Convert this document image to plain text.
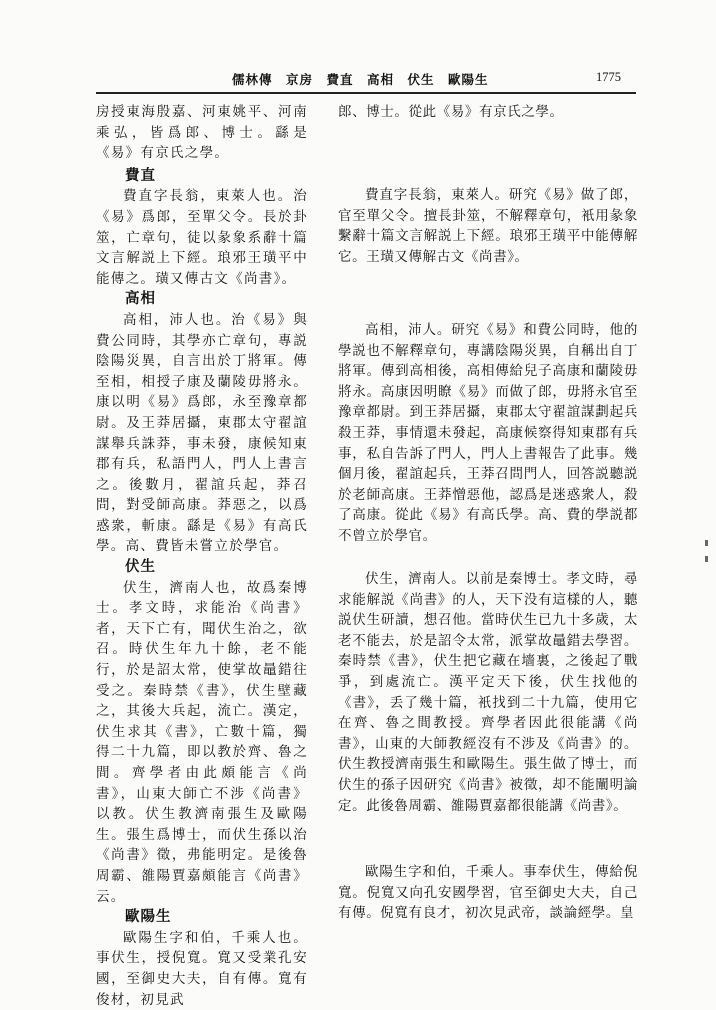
儒林傳　京房　費直　高相　伏生　歐陽生	1775

房授東海殷嘉、河東姚平、河南乘弘，皆爲郎、博士。繇是《易》有京氏之學。

費直

費直字長翁，東萊人也。治《易》爲郎，至單父令。長於卦筮，亡章句，徒以彖象系辭十篇文言解説上下經。琅邪王璜平中能傳之。璜又傳古文《尚書》。

高相

高相，沛人也。治《易》與費公同時，其學亦亡章句，專説陰陽災異，自言出於丁將軍。傳至相，相授子康及蘭陵毋將永。康以明《易》爲郎，永至豫章都尉。及王莽居攝，東郡太守翟誼謀舉兵誅莽，事未發，康候知東郡有兵，私語門人，門人上書言之。後數月，翟誼兵起，莽召問，對受師高康。莽惡之，以爲惑衆，斬康。繇是《易》有高氏學。高、費皆未嘗立於學官。

伏生

伏生，濟南人也，故爲秦博士。孝文時，求能治《尚書》者，天下亡有，聞伏生治之，欲召。時伏生年九十餘，老不能行，於是詔太常，使掌故鼂錯往受之。秦時禁《書》，伏生壁藏之，其後大兵起，流亡。漢定，伏生求其《書》，亡數十篇，獨得二十九篇，即以教於齊、魯之間。齊學者由此頗能言《尚書》，山東大師亡不涉《尚書》以教。伏生教濟南張生及歐陽生。張生爲博士，而伏生孫以治《尚書》徵，弗能明定。是後魯周霸、雒陽賈嘉頗能言《尚書》云。

歐陽生

歐陽生字和伯，千乘人也。事伏生，授倪寬。寬又受業孔安國，至御史大夫，自有傳。寬有俊材，初見武

郎、博士。從此《易》有京氏之學。

費直字長翁，東萊人。研究《易》做了郎，官至單父令。擅長卦筮，不解釋章句，衹用彖象繫辭十篇文言解説上下經。琅邪王璜平中能傳解它。王璜又傳解古文《尚書》。

高相，沛人。研究《易》和費公同時，他的學説也不解釋章句，專講陰陽災異，自稱出自丁將軍。傳到高相後，高相傳給兒子高康和蘭陵毋將永。高康因明瞭《易》而做了郎，毋將永官至豫章都尉。到王莽居攝，東郡太守翟誼謀劃起兵殺王莽，事情還未發起，高康候察得知東郡有兵事，私自告訴了門人，門人上書報告了此事。幾個月後，翟誼起兵，王莽召問門人，回答説聽説於老師高康。王莽憎惡他，認爲是迷惑衆人，殺了高康。從此《易》有高氏學。高、費的學説都不曾立於學官。

伏生，濟南人。以前是秦博士。孝文時，尋求能解説《尚書》的人，天下没有這樣的人，聽説伏生研讀，想召他。當時伏生已九十多歲，太老不能去，於是詔令太常，派掌故鼂錯去學習。秦時禁《書》，伏生把它藏在墻裏，之後起了戰爭，到處流亡。漢平定天下後，伏生找他的《書》，丢了幾十篇，衹找到二十九篇，使用它在齊、魯之間教授。齊學者因此很能講《尚書》，山東的大師教經沒有不涉及《尚書》的。伏生教授濟南張生和歐陽生。張生做了博士，而伏生的孫子因研究《尚書》被徵，却不能闡明論定。此後魯周霸、雒陽賈嘉都很能講《尚書》。

歐陽生字和伯，千乘人。事奉伏生，傳給倪寬。倪寬又向孔安國學習，官至御史大夫，自己有傳。倪寬有良才，初次見武帝，談論經學。皇
